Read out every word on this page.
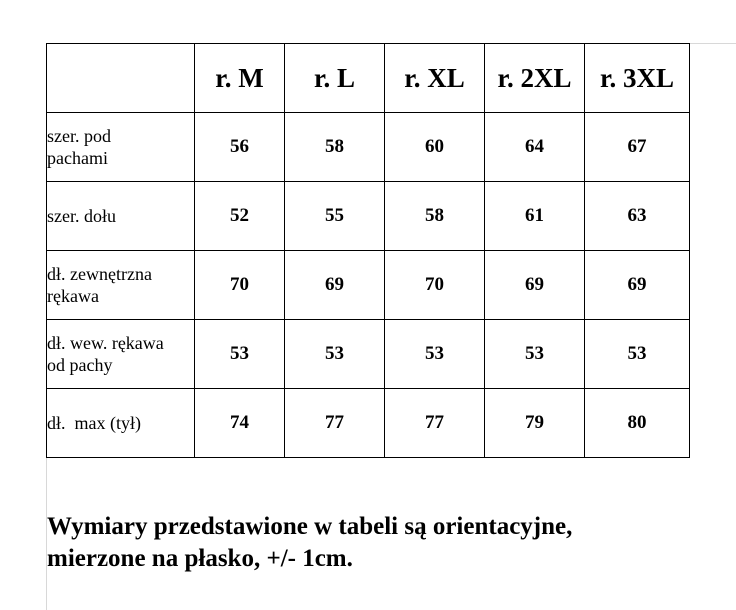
	r. M	r. L	r. XL	r. 2XL	r. 3XL
szer. pod
pachami	56	58	60	64	67
szer. dołu	52	55	58	61	63
dł. zewnętrzna
rękawa	70	69	70	69	69
dł. wew. rękawa
od pachy	53	53	53	53	53
dł.  max (tył)	74	77	77	79	80
Wymiary przedstawione w tabeli są orientacyjne,
mierzone na płasko, +/- 1cm.
